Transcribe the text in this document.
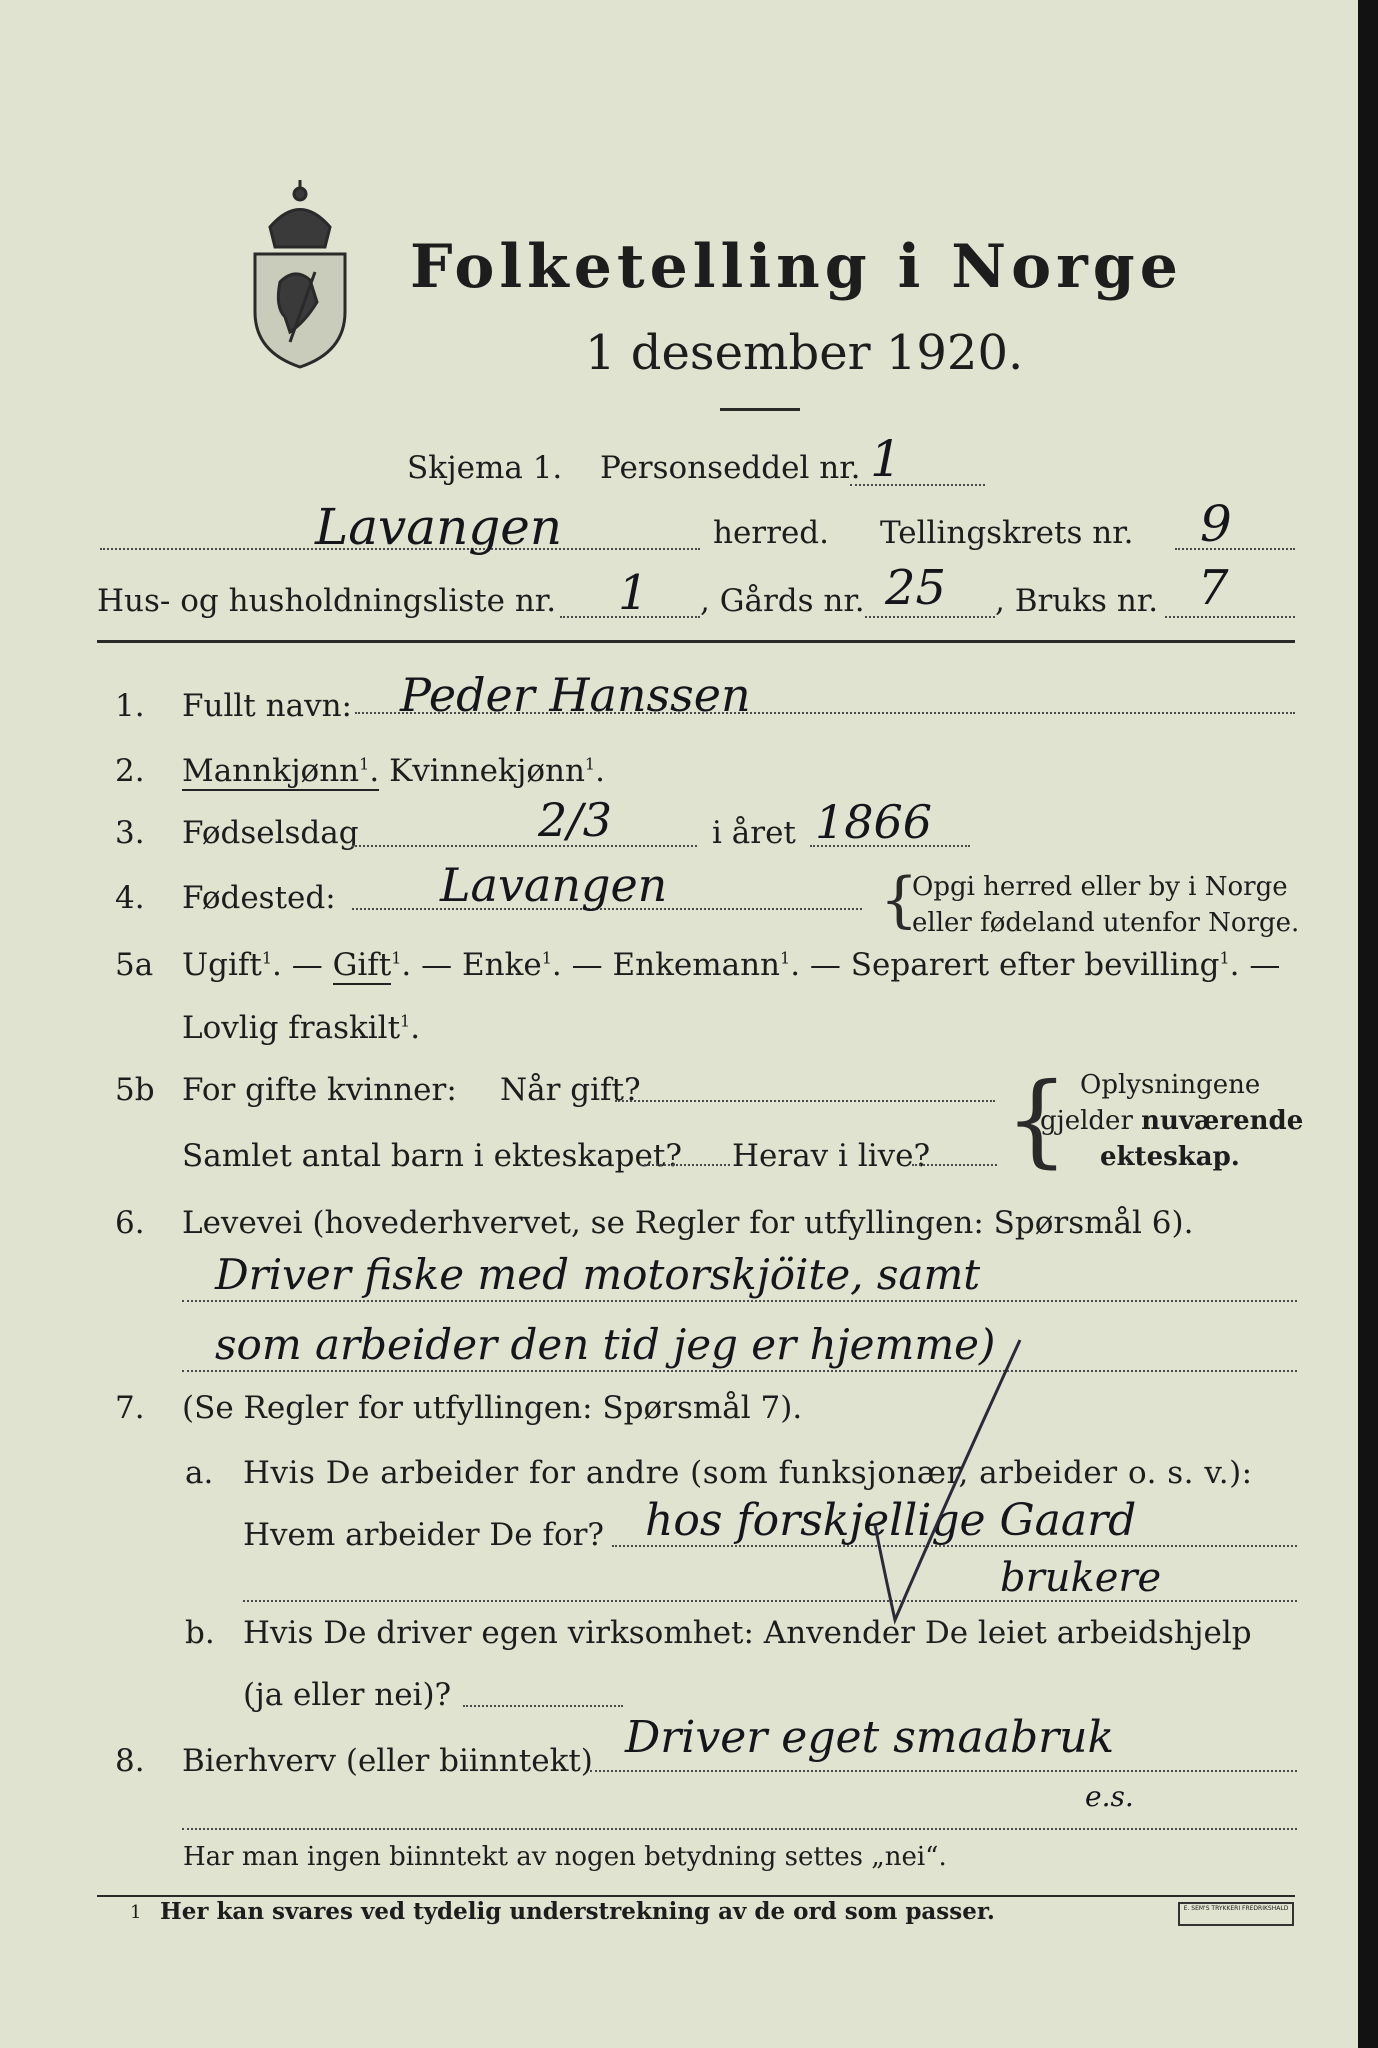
Folketelling i Norge
1 desember 1920.
Skjema 1. Personseddel nr. 1
Lavangen	herred. Tellingskrets nr. 9
Hus- og husholdningsliste nr. 1 , Gårds nr. 25 , Bruks nr. 7
1. Fullt navn: Peder Hanssen
2. Mannkjønn$^1$. Kvinnekjønn$^1$.
3. Fødselsdag	2/3	i året 1866
4. Fødested: Lavangen	{
Opgi herred eller by i Norge
eller fødeland utenfor Norge.
5a Ugift$^1$. — Gift$^1$. — Enke$^1$. — Enkemann$^1$. — Separert efter bevilling$^1$. —
Lovlig fraskilt$^1$.
5b For gifte kvinner: Når gift?
Samlet antal barn i ekteskapet? Herav i live? { Oplysningene
gjelder nuværende
ekteskap.
6. Levevei (hovederhvervet, se Regler for utfyllingen: Spørsmål 6).
Driver fiske med motorskjöite, samt
som arbeider den tid jeg er hjemme)
7. (Se Regler for utfyllingen: Spørsmål 7).
a. Hvis De arbeider for andre (som funksjonær, arbeider o. s. v.):
Hvem arbeider De for? hos forskjellige Gaard
brukere
b. Hvis De driver egen virksomhet: Anvender De leiet arbeidshjelp
(ja eller nei)?
8. Bierhverv (eller biinntekt) Driver eget smaabruk
e.s.
Har man ingen biinntekt av nogen betydning settes „nei“.
1 Her kan svares ved tydelig understrekning av de ord som passer.	E. SEM'S TRYKKERI FREDRIKSHALD
